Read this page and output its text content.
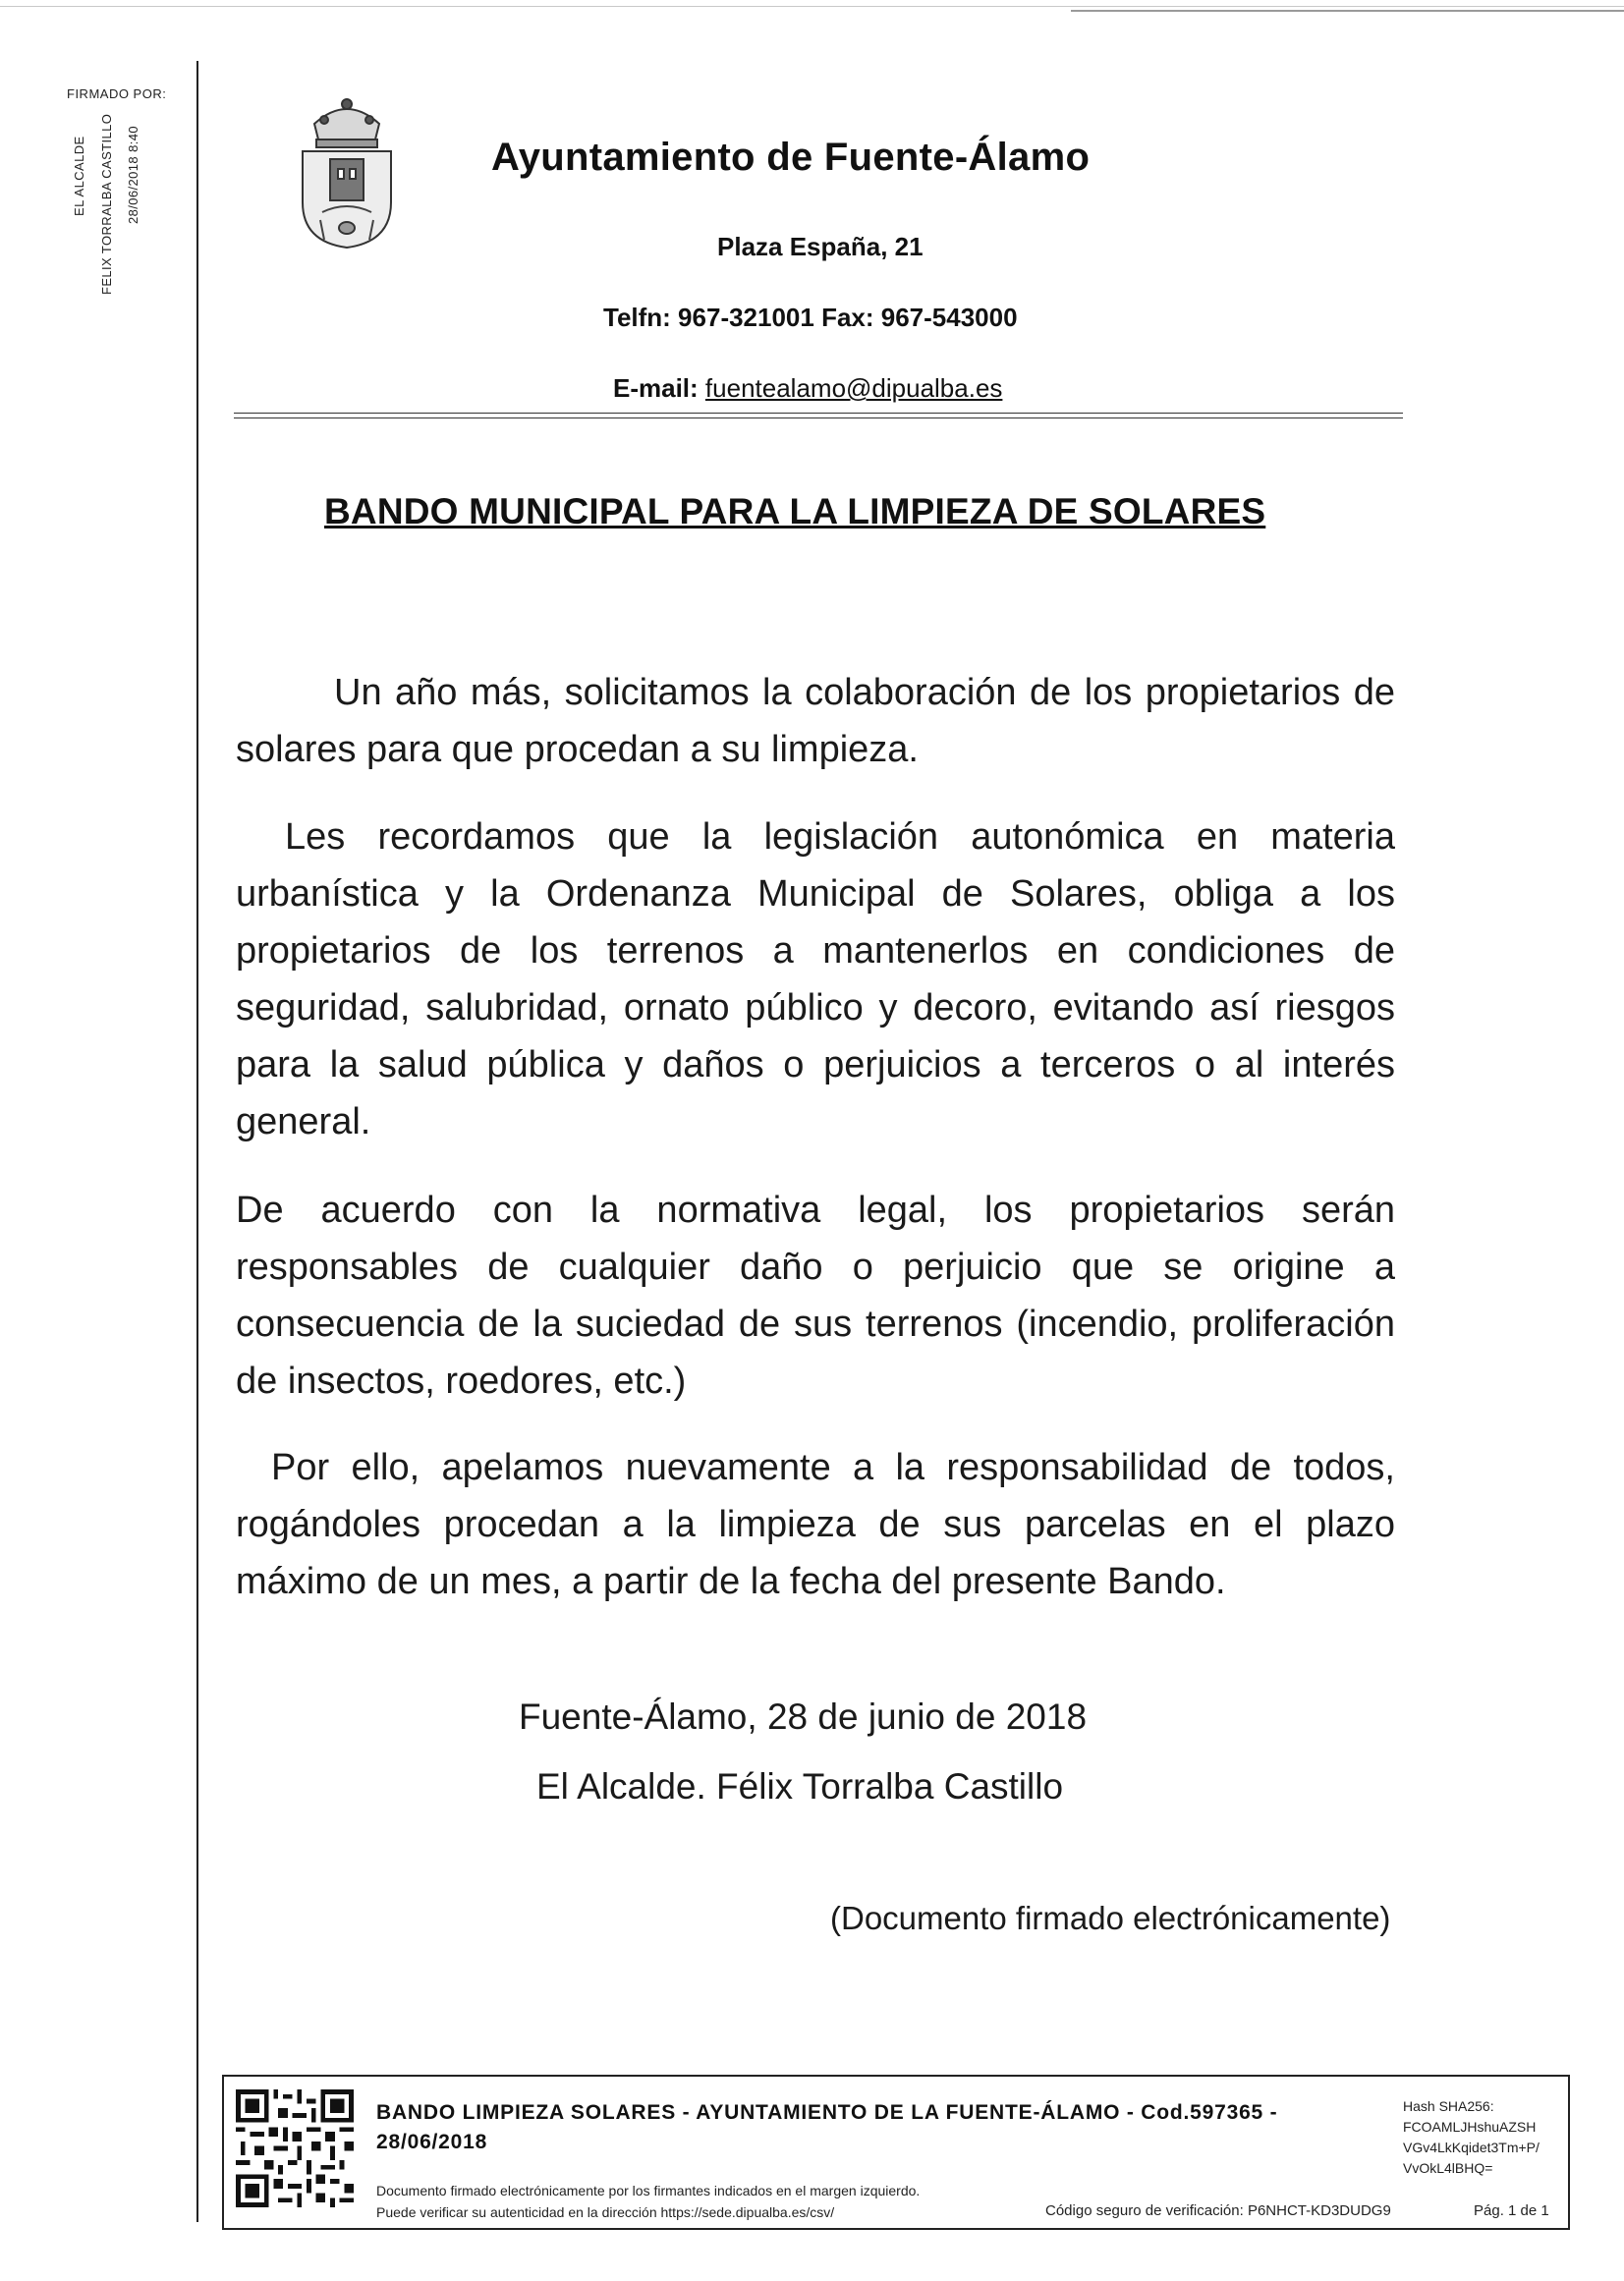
FIRMADO POR:
EL ALCALDE FELIX TORRALBA CASTILLO 28/06/2018 8:40	Ayuntamiento de Fuente-Álamo
Plaza España, 21
Telfn: 967-321001 Fax: 967-543000
E-mail: fuentealamo@dipualba.es
BANDO MUNICIPAL PARA LA LIMPIEZA DE SOLARES
Un año más, solicitamos la colaboración de los propietarios de solares para que procedan a su limpieza.
Les recordamos que la legislación autonómica en materia urbanística y la Ordenanza Municipal de Solares, obliga a los propietarios de los terrenos a mantenerlos en condiciones de seguridad, salubridad, ornato público y decoro, evitando así riesgos para la salud pública y daños o perjuicios a terceros o al interés general.
De acuerdo con la normativa legal, los propietarios serán responsables de cualquier daño o perjuicio que se origine a consecuencia de la suciedad de sus terrenos (incendio, proliferación de insectos, roedores, etc.)
Por ello, apelamos nuevamente a la responsabilidad de todos, rogándoles procedan a la limpieza de sus parcelas en el plazo máximo de un mes, a partir de la fecha del presente Bando.
Fuente-Álamo, 28 de junio de 2018
El Alcalde. Félix Torralba Castillo
(Documento firmado electrónicamente)
BANDO LIMPIEZA SOLARES - AYUNTAMIENTO DE LA FUENTE-ÁLAMO - Cod.597365 - 28/06/2018
Hash SHA256:
FCOAMLJHshuAZSH VGv4LkKqidet3Tm+P/ VvOkL4lBHQ=
Documento firmado electrónicamente por los firmantes indicados en el margen izquierdo.
Puede verificar su autenticidad en la dirección https://sede.dipualba.es/csv/	Código seguro de verificación: P6NHCT-KD3DUDG9	Pág. 1 de 1
